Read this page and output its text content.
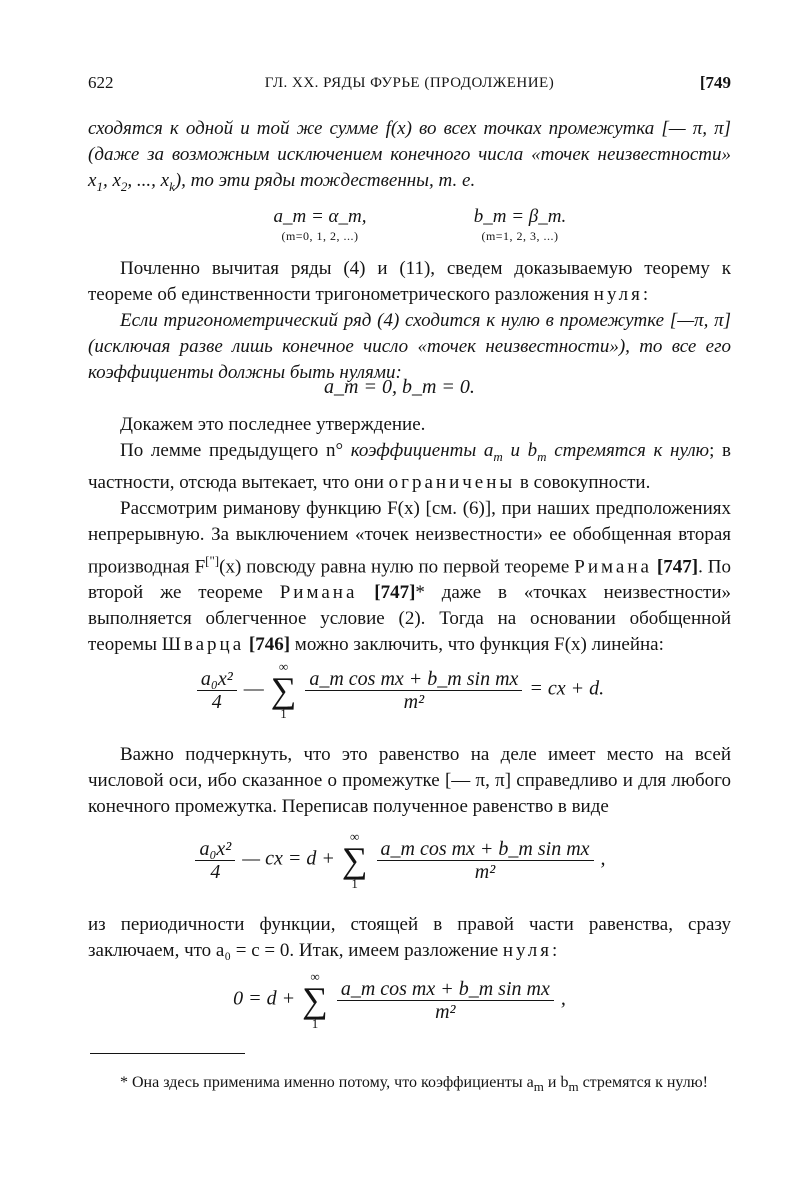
622	ГЛ. XX. РЯДЫ ФУРЬЕ (ПРОДОЛЖЕНИЕ)	[749

сходятся к одной и той же сумме f(x) во всех точках промежутка [— π, π] (даже за возможным исключением конечного числа «точек неизвестности» $x_1$, $x_2$, ..., $x_k$), то эти ряды тождественны, т. е.

a_m = α_m,
(m=0, 1, 2, ...)
b_m = β_m.
(m=1, 2, 3, ...)

Почленно вычитая ряды (4) и (11), сведем доказываемую теорему к теореме об единственности тригонометрического разложения нуля:

Если тригонометрический ряд (4) сходится к нулю в промежутке [—π, π] (исключая разве лишь конечное число «точек неизвестности»), то все его коэффициенты должны быть нулями:

a_m = 0, b_m = 0.

Докажем это последнее утверждение.

По лемме предыдущего n° коэффициенты $a_m$ и $b_m$ стремятся к нулю; в частности, отсюда вытекает, что они ограничены в совокупности.

Рассмотрим риманову функцию F(x) [см. (6)], при наших предположениях непрерывную. За выключением «точек неизвестности» ее обобщенная вторая производная F["](x) повсюду равна нулю по первой теореме Римана [747]. По второй же теореме Римана [747]* даже в «точках неизвестности» выполняется облегченное условие (2). Тогда на основании обобщенной теоремы Шварца [746] можно заключить, что функция F(x) линейна:

$\frac{\text{a₀x²}}{4}$ —
∞
∑
1

$\frac{\text{a\_m cos mx + b\_m sin mx}}{\text{m²}}$ = cx + d.

Важно подчеркнуть, что это равенство на деле имеет место на всей числовой оси, ибо сказанное о промежутке [— π, π] справедливо и для любого конечного промежутка. Переписав полученное равенство в виде

$\frac{\text{a₀x²}}{4}$ — cx = d +
∞
∑
1

$\frac{\text{a\_m cos mx + b\_m sin mx}}{\text{m²}}$ ,

из периодичности функции, стоящей в правой части равенства, сразу заключаем, что a₀ = c = 0. Итак, имеем разложение нуля:

0 = d +
∞
∑
1

$\frac{\text{a\_m cos mx + b\_m sin mx}}{\text{m²}}$ ,
* Она здесь применима именно потому, что коэффициенты $a_m$ и $b_m$ стремятся к нулю!
